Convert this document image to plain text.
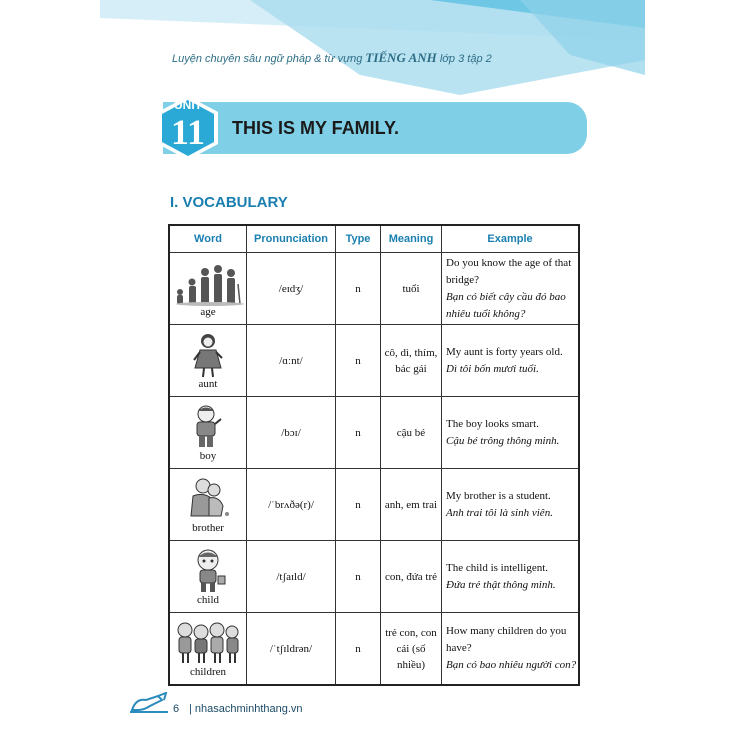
Luyện chuyên sâu ngữ pháp & từ vựng TIẾNG ANH lớp 3 tập 2
UNIT
11	THIS IS MY FAMILY.
I. VOCABULARY
Word	Pronunciation	Type	Meaning	Example

age	/eɪdʒ/	n	tuổi	Do you know the age of that bridge?
Bạn có biết cây cầu đó bao nhiêu tuổi không?

aunt	/ɑːnt/	n	cô, dì, thím, bác gái	My aunt is forty years old.
Dì tôi bốn mươi tuổi.

boy	/bɔɪ/	n	cậu bé	The boy looks smart.
Cậu bé trông thông minh.

brother	/ˈbrʌðə(r)/	n	anh, em trai	My brother is a student.
Anh trai tôi là sinh viên.

child	/tʃaɪld/	n	con, đứa trẻ	The child is intelligent.
Đứa trẻ thật thông minh.

children	/ˈtʃɪldrən/	n	trẻ con, con cái (số nhiều)	How many children do you have?
Bạn có bao nhiêu người con?
6 | nhasachminhthang.vn
